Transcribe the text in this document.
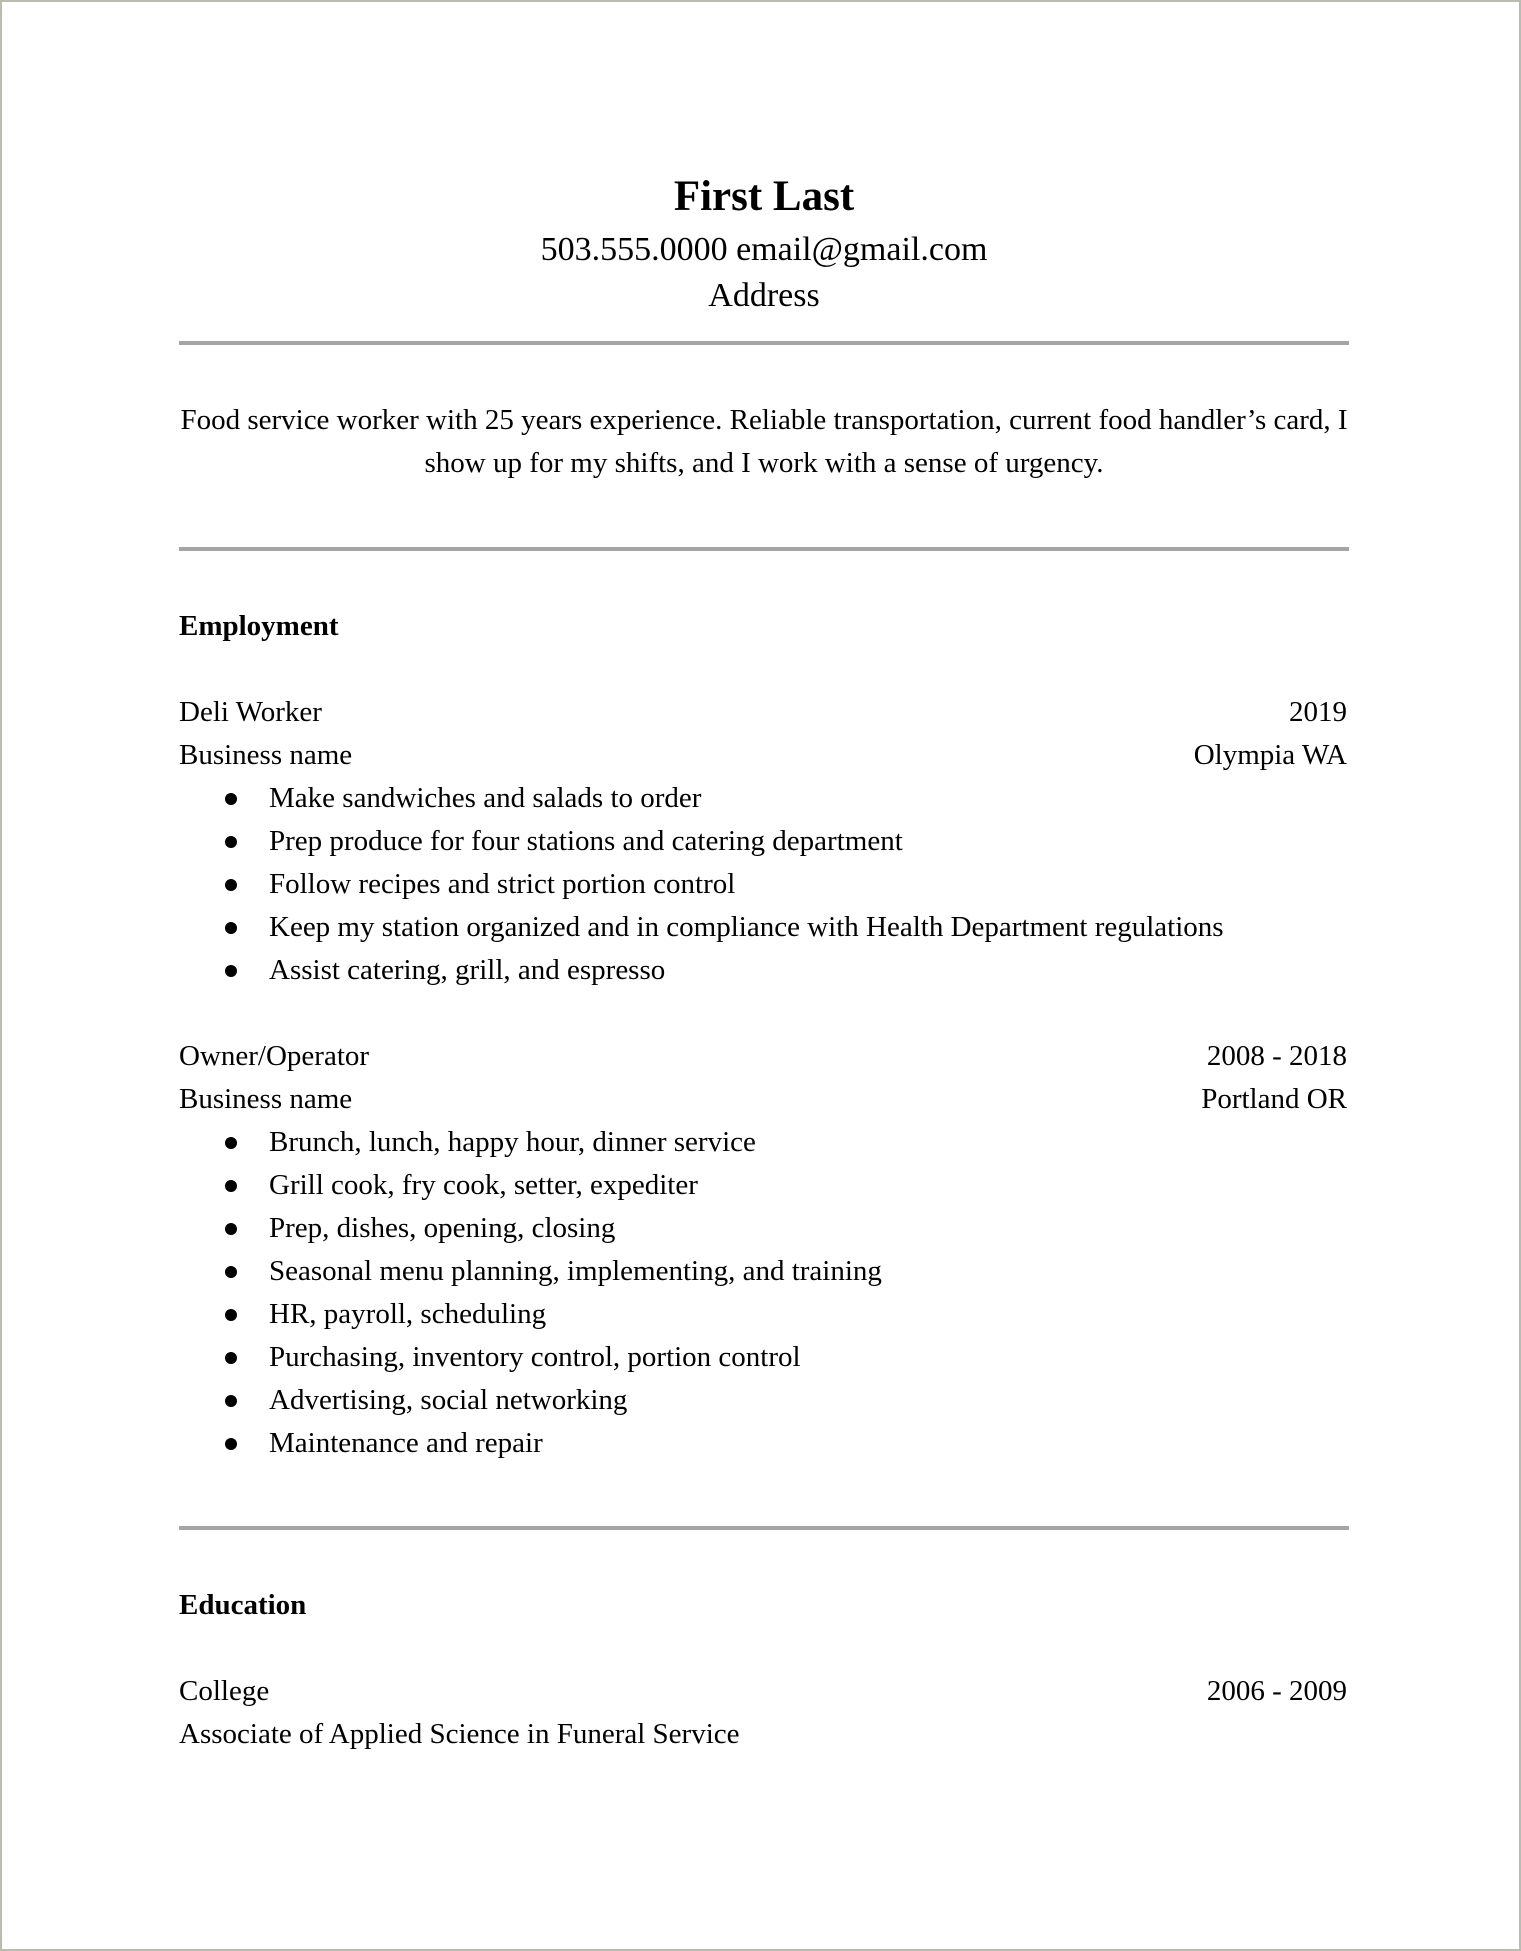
First Last
503.555.0000 email@gmail.com
Address
Food service worker with 25 years experience. Reliable transportation, current food handler’s card, I show up for my shifts, and I work with a sense of urgency.
Employment
Deli Worker	2019
Business name	Olympia WA
Make sandwiches and salads to order
Prep produce for four stations and catering department
Follow recipes and strict portion control
Keep my station organized and in compliance with Health Department regulations
Assist catering, grill, and espresso
Owner/Operator	2008 - 2018
Business name	Portland OR
Brunch, lunch, happy hour, dinner service
Grill cook, fry cook, setter, expediter
Prep, dishes, opening, closing
Seasonal menu planning, implementing, and training
HR, payroll, scheduling
Purchasing, inventory control, portion control
Advertising, social networking
Maintenance and repair
Education
College	2006 - 2009
Associate of Applied Science in Funeral Service
